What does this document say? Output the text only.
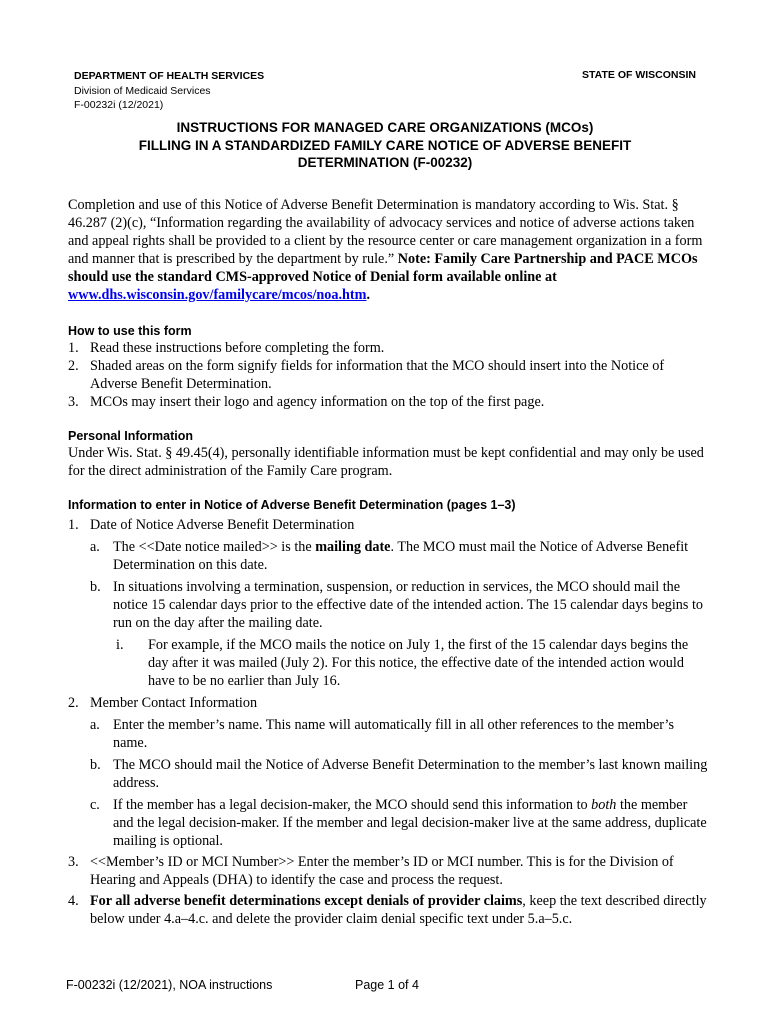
DEPARTMENT OF HEALTH SERVICES
Division of Medicaid Services
F-00232i (12/2021)
STATE OF WISCONSIN
INSTRUCTIONS FOR MANAGED CARE ORGANIZATIONS (MCOs)
FILLING IN A STANDARDIZED FAMILY CARE NOTICE OF ADVERSE BENEFIT
DETERMINATION (F-00232)
Completion and use of this Notice of Adverse Benefit Determination is mandatory according to Wis. Stat. § 46.287 (2)(c), “Information regarding the availability of advocacy services and notice of adverse actions taken and appeal rights shall be provided to a client by the resource center or care management organization in a form and manner that is prescribed by the department by rule.” Note: Family Care Partnership and PACE MCOs should use the standard CMS-approved Notice of Denial form available online at www.dhs.wisconsin.gov/familycare/mcos/noa.htm.
How to use this form
1. Read these instructions before completing the form.
2. Shaded areas on the form signify fields for information that the MCO should insert into the Notice of Adverse Benefit Determination.
3. MCOs may insert their logo and agency information on the top of the first page.
Personal Information
Under Wis. Stat. § 49.45(4), personally identifiable information must be kept confidential and may only be used for the direct administration of the Family Care program.
Information to enter in Notice of Adverse Benefit Determination (pages 1–3)
1. Date of Notice Adverse Benefit Determination
a. The <<Date notice mailed>> is the mailing date. The MCO must mail the Notice of Adverse Benefit Determination on this date.
b. In situations involving a termination, suspension, or reduction in services, the MCO should mail the notice 15 calendar days prior to the effective date of the intended action. The 15 calendar days begins to run on the day after the mailing date.
i. For example, if the MCO mails the notice on July 1, the first of the 15 calendar days begins the day after it was mailed (July 2). For this notice, the effective date of the intended action would have to be no earlier than July 16.
2. Member Contact Information
a. Enter the member’s name. This name will automatically fill in all other references to the member’s name.
b. The MCO should mail the Notice of Adverse Benefit Determination to the member’s last known mailing address.
c. If the member has a legal decision-maker, the MCO should send this information to both the member and the legal decision-maker. If the member and legal decision-maker live at the same address, duplicate mailing is optional.
3. <<Member’s ID or MCI Number>> Enter the member’s ID or MCI number. This is for the Division of Hearing and Appeals (DHA) to identify the case and process the request.
4. For all adverse benefit determinations except denials of provider claims, keep the text described directly below under 4.a–4.c. and delete the provider claim denial specific text under 5.a–5.c.
F-00232i (12/2021), NOA instructions	Page 1 of 4
